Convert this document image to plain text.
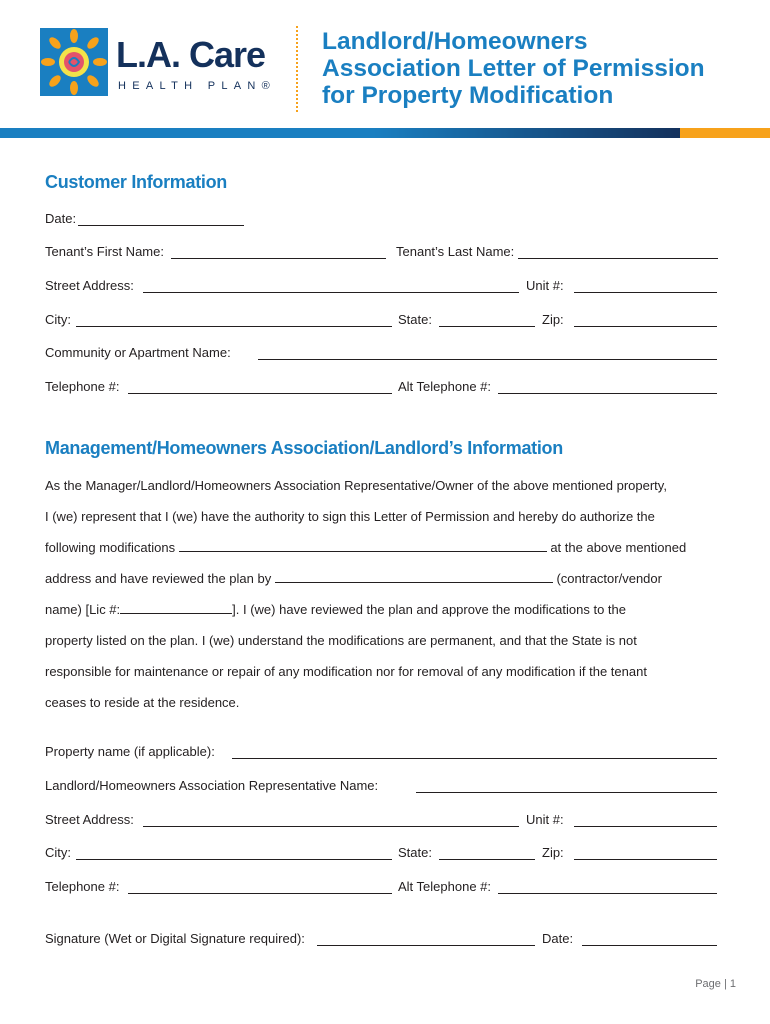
L.A. Care
HEALTH PLAN®
Landlord/Homeowners
Association Letter of Permission
for Property Modification
Customer Information
Date:
Tenant’s First Name:	Tenant’s Last Name:
Street Address:	Unit #:
City:	State:	Zip:
Community or Apartment Name:
Telephone #:	Alt Telephone #:
Management/Homeowners Association/Landlord’s Information
As the Manager/Landlord/Homeowners Association Representative/Owner of the above mentioned property,
I (we) represent that I (we) have the authority to sign this Letter of Permission and hereby do authorize the
following modifications	at the above mentioned
address and have reviewed the plan by	(contractor/vendor
name) [Lic #:	]. I (we) have reviewed the plan and approve the modifications to the
property listed on the plan. I (we) understand the modifications are permanent, and that the State is not
responsible for maintenance or repair of any modification nor for removal of any modification if the tenant
ceases to reside at the residence.
Property name (if applicable):
Landlord/Homeowners Association Representative Name:
Street Address:	Unit #:
City:	State:	Zip:
Telephone #:	Alt Telephone #:
Signature (Wet or Digital Signature required):	Date:
Page | 1
